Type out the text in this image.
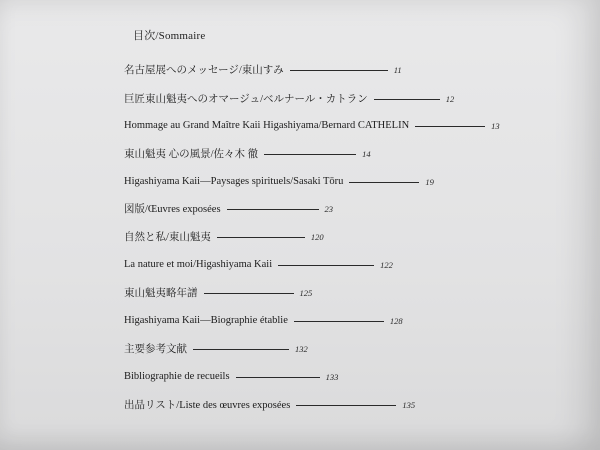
目次/Sommaire
名古屋展へのメッセージ/東山すみ	11
巨匠東山魁夷へのオマージュ/ベルナール・カトラン	12
Hommage au Grand Maître Kaii Higashiyama/Bernard CATHELIN	13
東山魁夷 心の風景/佐々木 徹	14
Higashiyama Kaii—Paysages spirituels/Sasaki Tōru	19
図版/Œuvres exposées	23
自然と私/東山魁夷	120
La nature et moi/Higashiyama Kaii	122
東山魁夷略年譜	125
Higashiyama Kaii—Biographie établie	128
主要参考文献	132
Bibliographie de recueils	133
出品リスト/Liste des œuvres exposées	135
